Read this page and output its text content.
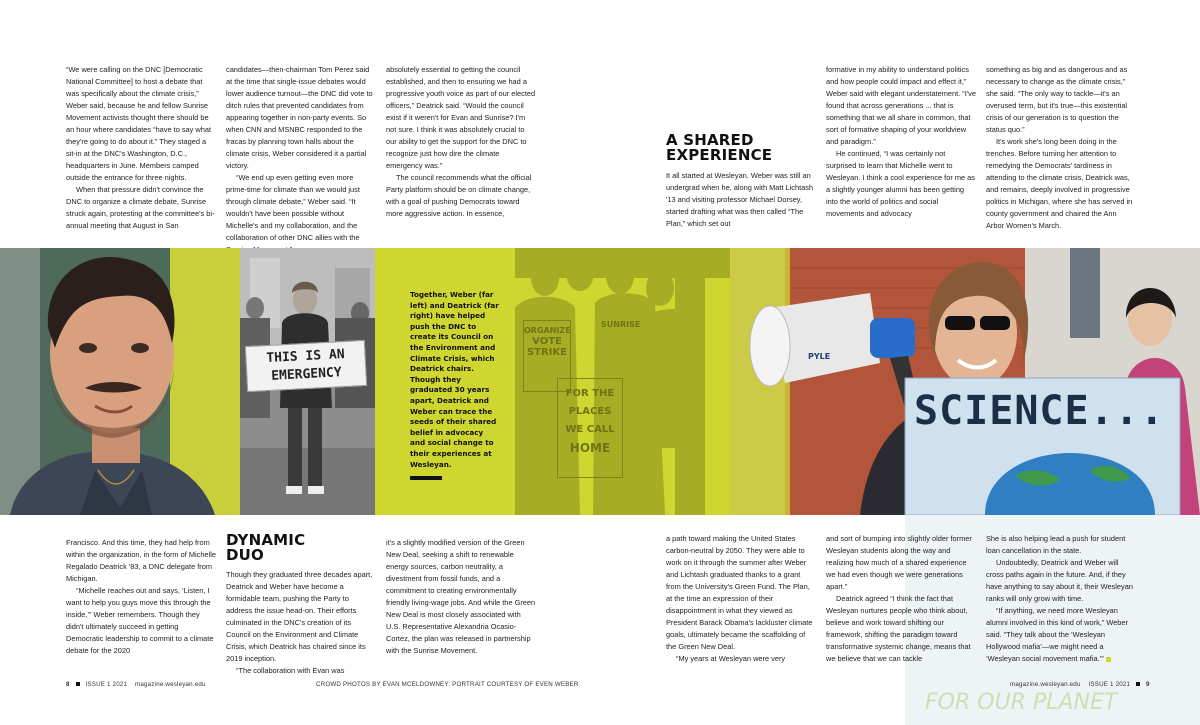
“We were calling on the DNC [Democratic National Committee] to host a debate that was specifically about the climate crisis,” Weber said, because he and fellow Sunrise Movement activists thought there should be an hour where candidates “have to say what they're going to do about it.” They staged a sit-in at the DNC's Washington, D.C., headquarters in June. Members camped outside the entrance for three nights.

When that pressure didn't convince the DNC to organize a climate debate, Sunrise struck again, protesting at the committee's bi-annual meeting that August in San

candidates—then-chairman Tom Perez said at the time that single-issue debates would lower audience turnout—the DNC did vote to ditch rules that prevented candidates from appearing together in non-party events. So when CNN and MSNBC responded to the fracas by planning town halls about the climate crisis, Weber considered it a partial victory.

“We end up even getting even more prime-time for climate than we would just through climate debate,” Weber said. “It wouldn't have been possible without Michelle's and my collaboration, and the collaboration of other DNC allies with the

absolutely essential to getting the council established, and then to ensuring we had a progressive youth voice as part of our elected officers,” Deatrick said. “Would the council exist if it weren't for Evan and Sunrise? I'm not sure. I think it was absolutely crucial to our ability to get the support for the DNC to recognize just how dire the climate emergency was.”

The council recommends what the official Party platform should be on climate change, with a goal of pushing Democrats toward more aggressive action. In essence,

A SHARED
EXPERIENCE

It all started at Wesleyan. Weber was still an undergrad when he, along with Matt Lichtash '13 and visiting professor Michael Dorsey, started drafting what was then called “The Plan,” which set out

formative in my ability to understand politics and how people could impact and effect it,” Weber said with elegant understatement. “I've found that across generations ... that is something that we all share in common, that sort of formative shaping of your worldview and paradigm.”

He continued, “I was certainly not surprised to learn that Michelle went to Wesleyan. I think a cool experience for me as a slightly younger alumni has been getting into the world of politics and social movements and advocacy

something as big and as dangerous and as necessary to change as the climate crisis,” she said. “The only way to tackle—it's an overused term, but it's true—this existential crisis of our generation is to question the status quo.”

It's work she's long been doing in the trenches. Before turning her attention to remedying the Democrats' tardiness in attending to the climate crisis, Deatrick was, and remains, deeply involved in progressive politics in Michigan, where she has served in county government and chaired the Ann Arbor Women's March.

THIS IS AN
EMERGENCY
ORGANIZE
VOTE
STRIKE
SUNRISE
FOR THE
PLACES
WE CALL
HOME
Together, Weber (far left) and Deatrick (far right) have helped push the DNC to create its Council on the Environment and Climate Crisis, which Deatrick chairs. Though they graduated 30 years apart, Deatrick and Weber can trace the seeds of their shared belief in advocacy and social change to their experiences at Wesleyan.
PYLE
SCIENCE...
FOR OUR PLANET

Francisco. And this time, they had help from within the organization, in the form of Michelle Regalado Deatrick '83, a DNC delegate from Michigan.

“Michelle reaches out and says, ‘Listen, I want to help you guys move this through the inside,’” Weber remembers. Though they didn't ultimately succeed in getting Democratic leadership to commit to a climate debate for the 2020

DYNAMIC
DUO

Though they graduated three decades apart, Deatrick and Weber have become a formidable team, pushing the Party to address the issue head-on. Their efforts culminated in the DNC's creation of its Council on the Environment and Climate Crisis, which Deatrick has chaired since its 2019 inception.

“The collaboration with Evan was

it's a slightly modified version of the Green New Deal, seeking a shift to renewable energy sources, carbon neutrality, a divestment from fossil funds, and a commitment to creating environmentally friendly living-wage jobs. And while the Green New Deal is most closely associated with U.S. Representative Alexandria Ocasio-Cortez, the plan was released in partnership with the Sunrise Movement.

a path toward making the United States carbon-neutral by 2050. They were able to work on it through the summer after Weber and Lichtash graduated thanks to a grant from the University's Green Fund. The Plan, at the time an expression of their disappointment in what they viewed as President Barack Obama's lackluster climate goals, ultimately became the scaffolding of the Green New Deal.

“My years at Wesleyan were very

and sort of bumping into slightly older former Wesleyan students along the way and realizing how much of a shared experience we had even though we were generations apart.”

Deatrick agreed “I think the fact that Wesleyan nurtures people who think about, believe and work toward shifting our framework, shifting the paradigm toward transformative systemic change, means that we believe that we can tackle

She is also helping lead a push for student loan cancellation in the state.

Undoubtedly, Deatrick and Weber will cross paths again in the future. And, if they have anything to say about it, their Wesleyan ranks will only grow with time.

“If anything, we need more Wesleyan alumni involved in this kind of work,” Weber said. “They talk about the ‘Wesleyan Hollywood mafia’—we might need a ‘Wesleyan social movement mafia.’”

8	ISSUE 1 2021 magazine.wesleyan.edu	CROWD PHOTOS BY EVAN MCELDOWNEY; PORTRAIT COURTESY OF EVEN WEBER	magazine.wesleyan.edu ISSUE 1 2021	9
